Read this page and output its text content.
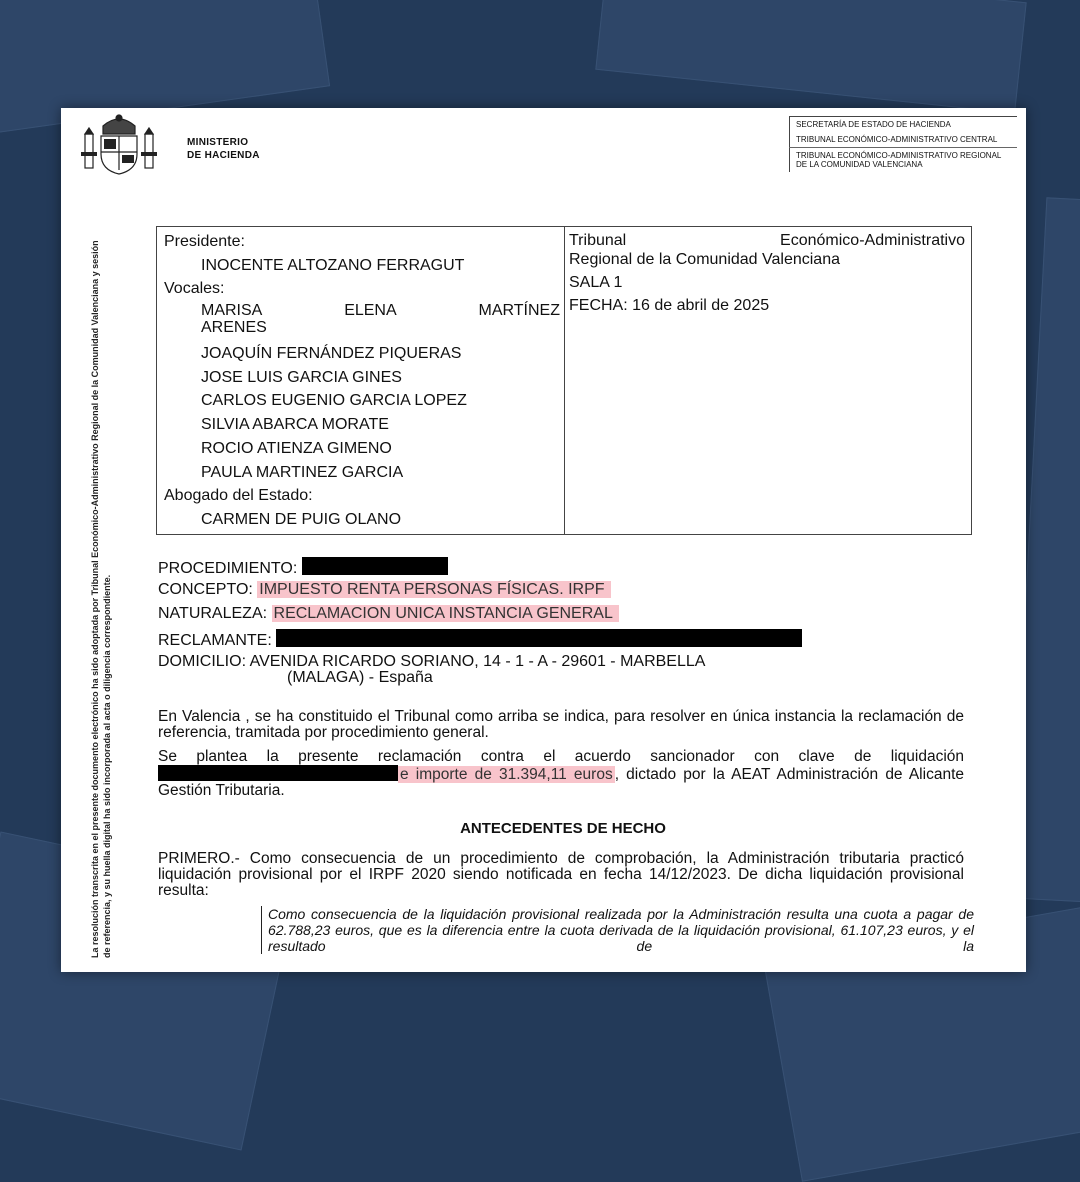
MINISTERIO
DE HACIENDA
SECRETARÍA DE ESTADO DE HACIENDA
TRIBUNAL ECONÓMICO-ADMINISTRATIVO CENTRAL
TRIBUNAL ECONÓMICO-ADMINISTRATIVO REGIONAL DE LA COMUNIDAD VALENCIANA
La resolución transcrita en el presente documento electrónico ha sido adoptada por Tribunal Económico-Administrativo Regional de la Comunidad Valenciana y sesión de referencia, y su huella digital ha sido incorporada al acta o diligencia correspondiente.
Presidente:
INOCENTE ALTOZANO FERRAGUT
Vocales:
MARISA	ELENA	MARTÍNEZ
ARENES
JOAQUÍN FERNÁNDEZ PIQUERAS
JOSE LUIS GARCIA GINES
CARLOS EUGENIO GARCIA LOPEZ
SILVIA ABARCA MORATE
ROCIO ATIENZA GIMENO
PAULA MARTINEZ GARCIA
Abogado del Estado:
CARMEN DE PUIG OLANO
Tribunal	Económico-Administrativo
Regional de la Comunidad Valenciana
SALA 1
FECHA: 16 de abril de 2025
PROCEDIMIENTO:
CONCEPTO: IMPUESTO RENTA PERSONAS FÍSICAS. IRPF
NATURALEZA: RECLAMACION UNICA INSTANCIA GENERAL
RECLAMANTE:
DOMICILIO: AVENIDA RICARDO SORIANO, 14 - 1 - A - 29601 - MARBELLA
(MALAGA) - España
En Valencia , se ha constituido el Tribunal como arriba se indica, para resolver en única instancia la reclamación de referencia, tramitada por procedimiento general.
Se plantea la presente reclamación contra el acuerdo sancionador con clave de liquidación e importe de 31.394,11 euros , dictado por la AEAT Administración de Alicante Gestión Tributaria.
ANTECEDENTES DE HECHO
PRIMERO.- Como consecuencia de un procedimiento de comprobación, la Administración tributaria practicó liquidación provisional por el IRPF 2020 siendo notificada en fecha 14/12/2023. De dicha liquidación provisional resulta:
Como consecuencia de la liquidación provisional realizada por la Administración resulta una cuota a pagar de 62.788,23 euros, que es la diferencia entre la cuota derivada de la liquidación provisional, 61.107,23 euros, y el resultado de la
